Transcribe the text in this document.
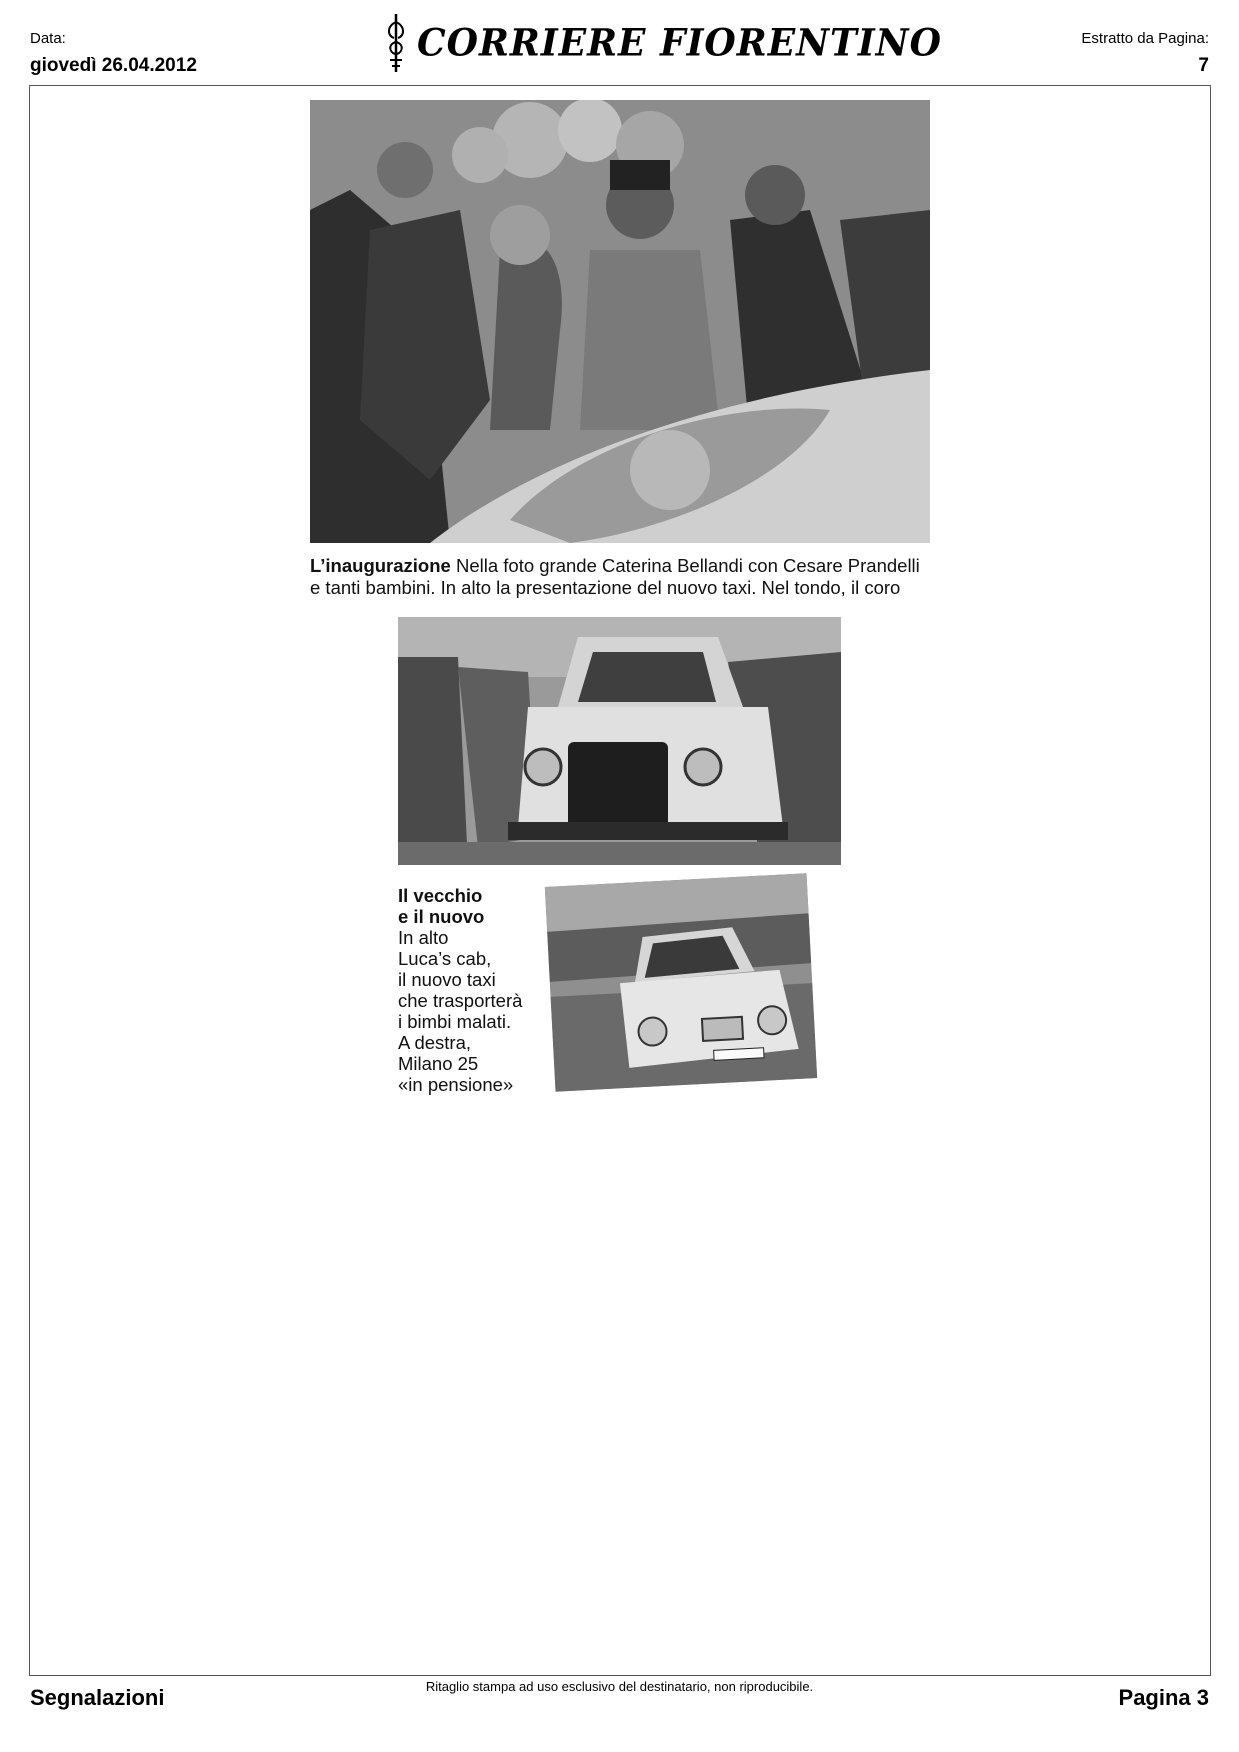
Data:
giovedì 26.04.2012
CORRIERE FIORENTINO	Estratto da Pagina:
7
L’inaugurazione Nella foto grande Caterina Bellandi con Cesare Prandelli e tanti bambini. In alto la presentazione del nuovo taxi. Nel tondo, il coro
Il vecchio
e il nuovo
In alto
Luca’s cab,
il nuovo taxi
che trasporterà
i bimbi malati.
A destra,
Milano 25
«in pensione»
Segnalazioni	Ritaglio stampa ad uso esclusivo del destinatario, non riproducibile.	Pagina 3
